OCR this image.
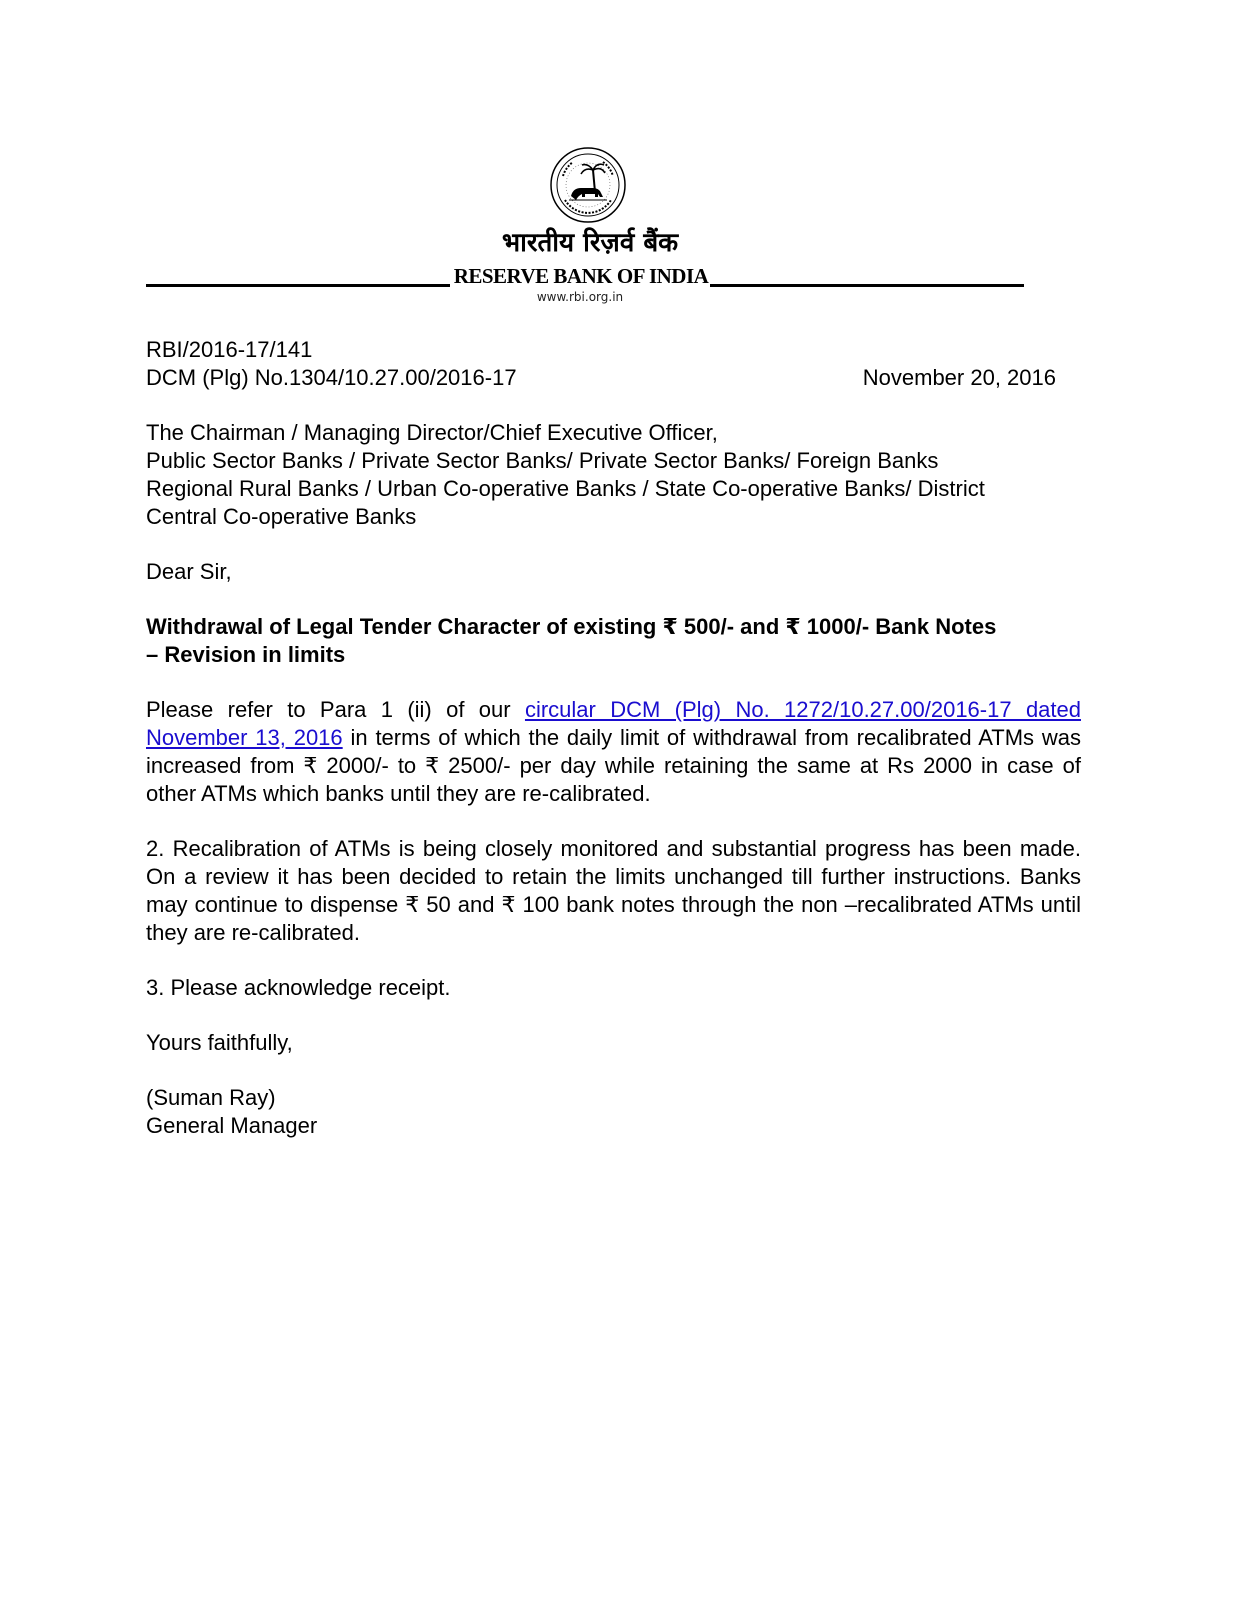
भारतीय रिज़र्व बैंक
RESERVE BANK OF INDIA
www.rbi.org.in
RBI/2016-17/141
DCM (Plg) No.1304/10.27.00/2016-17	November 20, 2016
The Chairman / Managing Director/Chief Executive Officer,
Public Sector Banks / Private Sector Banks/ Private Sector Banks/ Foreign Banks
Regional Rural Banks / Urban Co-operative Banks / State Co-operative Banks/ District
Central Co-operative Banks
Dear Sir,
Withdrawal of Legal Tender Character of existing ₹ 500/- and ₹ 1000/- Bank Notes
– Revision in limits

Please refer to Para 1 (ii) of our circular DCM (Plg) No. 1272/10.27.00/2016-17 dated November 13, 2016 in terms of which the daily limit of withdrawal from recalibrated ATMs was increased from ₹ 2000/- to ₹ 2500/- per day while retaining the same at Rs 2000 in case of other ATMs which banks until they are re-calibrated.

2. Recalibration of ATMs is being closely monitored and substantial progress has been made. On a review it has been decided to retain the limits unchanged till further instructions. Banks may continue to dispense ₹ 50 and ₹ 100 bank notes through the non –recalibrated ATMs until they are re-calibrated.

3. Please acknowledge receipt.

Yours faithfully,

(Suman Ray)
General Manager
